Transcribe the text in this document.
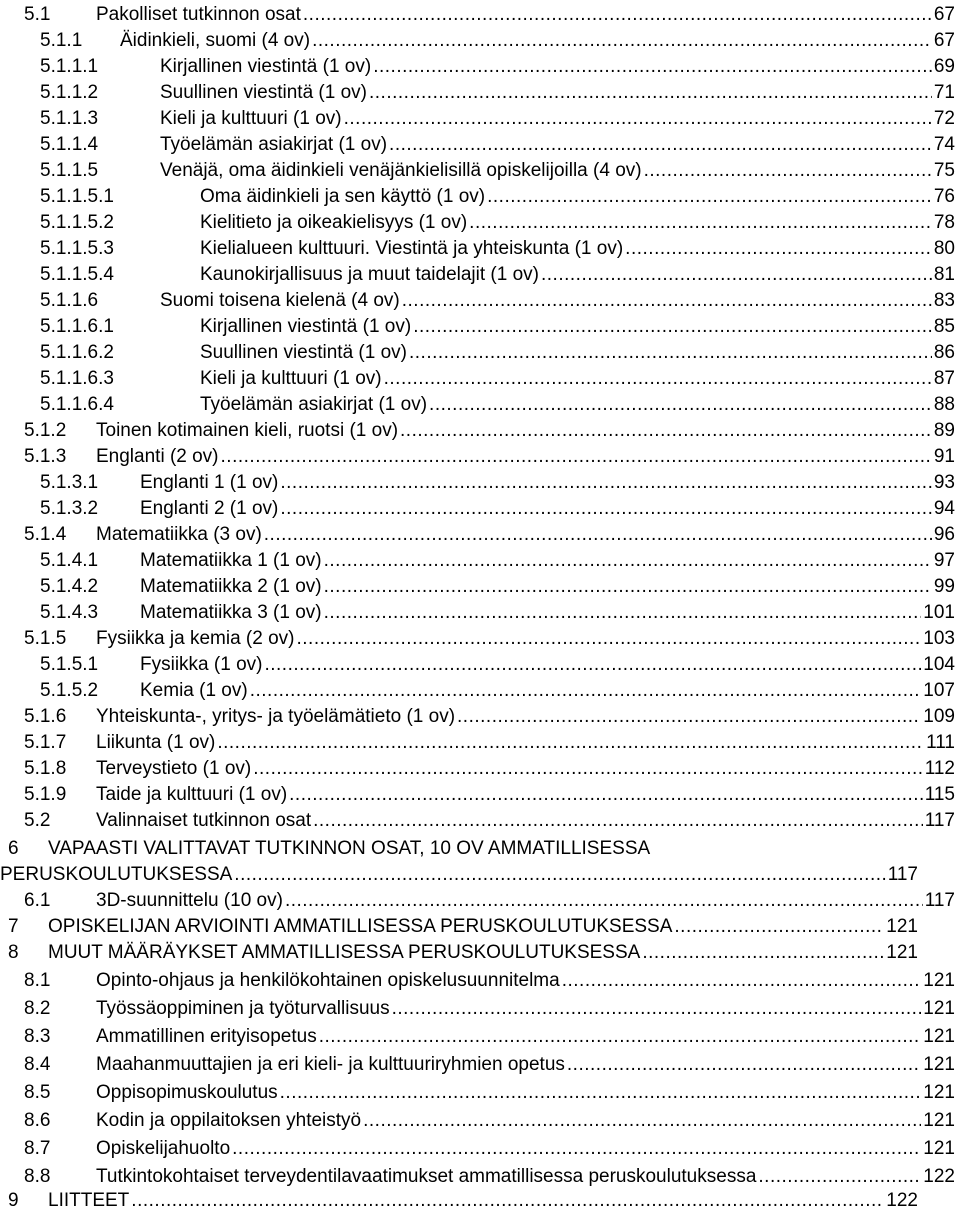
5.1 Pakolliset tutkinnon osat .....	67
5.1.1 Äidinkieli, suomi (4 ov) .....	67
5.1.1.1	Kirjallinen viestintä (1 ov) .....	69
5.1.1.2	Suullinen viestintä (1 ov) .....	71
5.1.1.3	Kieli ja kulttuuri (1 ov) .....	72
5.1.1.4	Työelämän asiakirjat (1 ov) .....	74
5.1.1.5	Venäjä, oma äidinkieli venäjänkielisillä opiskelijoilla (4 ov) .....	75
5.1.1.5.1	Oma äidinkieli ja sen käyttö (1 ov) .....	76
5.1.1.5.2	Kielitieto ja oikeakielisyys (1 ov) .....	78
5.1.1.5.3	Kielialueen kulttuuri. Viestintä ja yhteiskunta (1 ov) .....	80
5.1.1.5.4	Kaunokirjallisuus ja muut taidelajit (1 ov) .....	81
5.1.1.6	Suomi toisena kielenä (4 ov) .....	83
5.1.1.6.1	Kirjallinen viestintä (1 ov) .....	85
5.1.1.6.2	Suullinen viestintä (1 ov) .....	86
5.1.1.6.3	Kieli ja kulttuuri (1 ov) .....	87
5.1.1.6.4	Työelämän asiakirjat (1 ov) .....	88
5.1.2 Toinen kotimainen kieli, ruotsi (1 ov) .....	89
5.1.3 Englanti (2 ov) .....	91
5.1.3.1 Englanti 1 (1 ov) .....	93
5.1.3.2 Englanti 2 (1 ov) .....	94
5.1.4 Matematiikka (3 ov) .....	96
5.1.4.1 Matematiikka 1 (1 ov) .....	97
5.1.4.2 Matematiikka 2 (1 ov) .....	99
5.1.4.3 Matematiikka 3 (1 ov) .....	101
5.1.5 Fysiikka ja kemia (2 ov) .....	103
5.1.5.1 Fysiikka (1 ov) .....	104
5.1.5.2 Kemia (1 ov) .....	107
5.1.6 Yhteiskunta-, yritys- ja työelämätieto (1 ov) .....	109
5.1.7 Liikunta (1 ov) .....	111
5.1.8 Terveystieto (1 ov) .....	112
5.1.9 Taide ja kulttuuri (1 ov) .....	115
5.2 Valinnaiset tutkinnon osat .....	117
6 VAPAASTI VALITTAVAT TUTKINNON OSAT, 10 OV AMMATILLISESSA
PERUSKOULUTUKSESSA .....	117
6.1 3D-suunnittelu (10 ov) .....	117
7 OPISKELIJAN ARVIOINTI AMMATILLISESSA PERUSKOULUTUKSESSA .....	121
8 MUUT MÄÄRÄYKSET AMMATILLISESSA PERUSKOULUTUKSESSA .....	121
8.1 Opinto-ohjaus ja henkilökohtainen opiskelusuunnitelma .....	121
8.2 Työssäoppiminen ja työturvallisuus .....	121
8.3 Ammatillinen erityisopetus .....	121
8.4 Maahanmuuttajien ja eri kieli- ja kulttuuriryhmien opetus .....	121
8.5 Oppisopimuskoulutus .....	121
8.6 Kodin ja oppilaitoksen yhteistyö .....	121
8.7 Opiskelijahuolto .....	121
8.8 Tutkintokohtaiset terveydentilavaatimukset ammatillisessa peruskoulutuksessa .....	122
9 LIITTEET .....	122
